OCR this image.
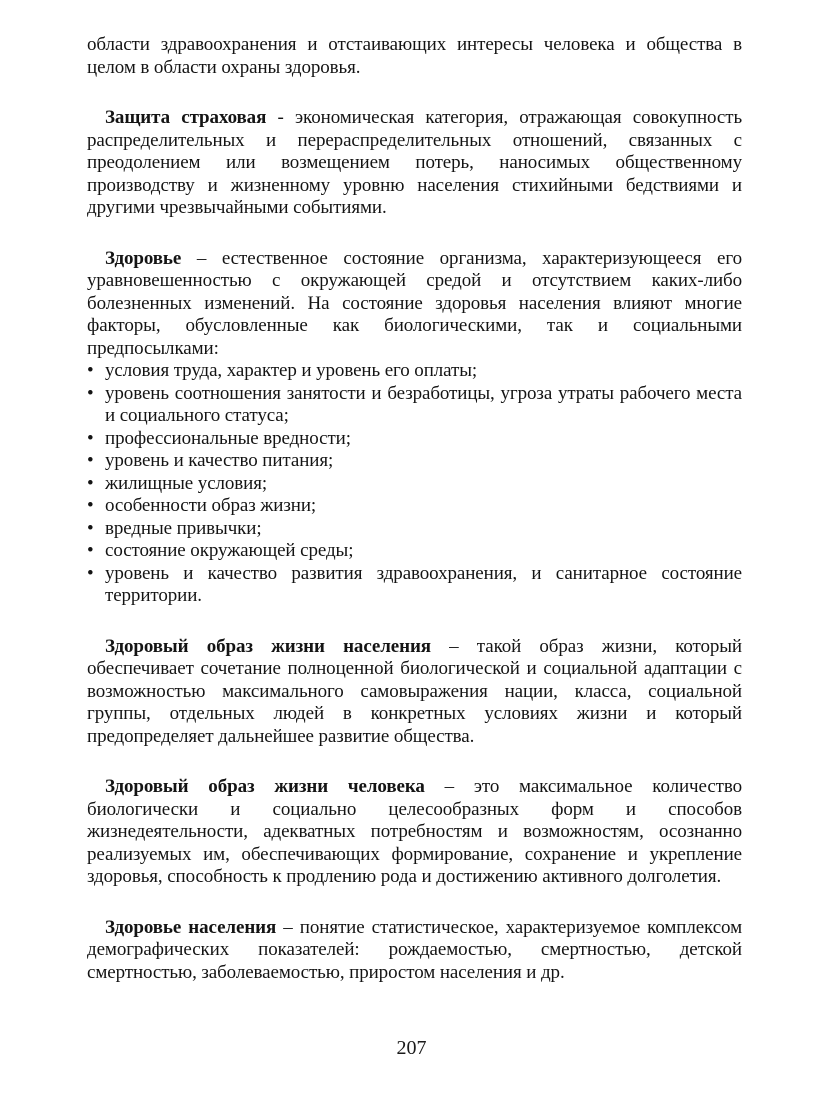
области здравоохранения и отстаивающих интересы человека и общества в целом в области охраны здоровья.

Защита страховая - экономическая категория, отражающая совокупность распределительных и перераспределительных отношений, связанных с преодолением или возмещением потерь, наносимых общественному производству и жизненному уровню населения стихийными бедствиями и другими чрезвычайными событиями.

Здоровье – естественное состояние организма, характеризующееся его уравновешенностью с окружающей средой и отсутствием каких-либо болезненных изменений. На состояние здоровья населения влияют многие факторы, обусловленные как биологическими, так и социальными предпосылками:

• условия труда, характер и уровень его оплаты;
• уровень соотношения занятости и безработицы, угроза утраты рабочего места и социального статуса;
• профессиональные вредности;
• уровень и качество питания;
• жилищные условия;
• особенности образ жизни;
• вредные привычки;
• состояние окружающей среды;
• уровень и качество развития здравоохранения, и санитарное состояние территории.

Здоровый образ жизни населения – такой образ жизни, который обеспечивает сочетание полноценной биологической и социальной адаптации с возможностью максимального самовыражения нации, класса, социальной группы, отдельных людей в конкретных условиях жизни и который предопределяет дальнейшее развитие общества.

Здоровый образ жизни человека – это максимальное количество биологически и социально целесообразных форм и способов жизнедеятельности, адекватных потребностям и возможностям, осознанно реализуемых им, обеспечивающих формирование, сохранение и укрепление здоровья, способность к продлению рода и достижению активного долголетия.

Здоровье населения – понятие статистическое, характеризуемое комплексом демографических показателей: рождаемостью, смертностью, детской смертностью, заболеваемостью, приростом населения и др.

207
